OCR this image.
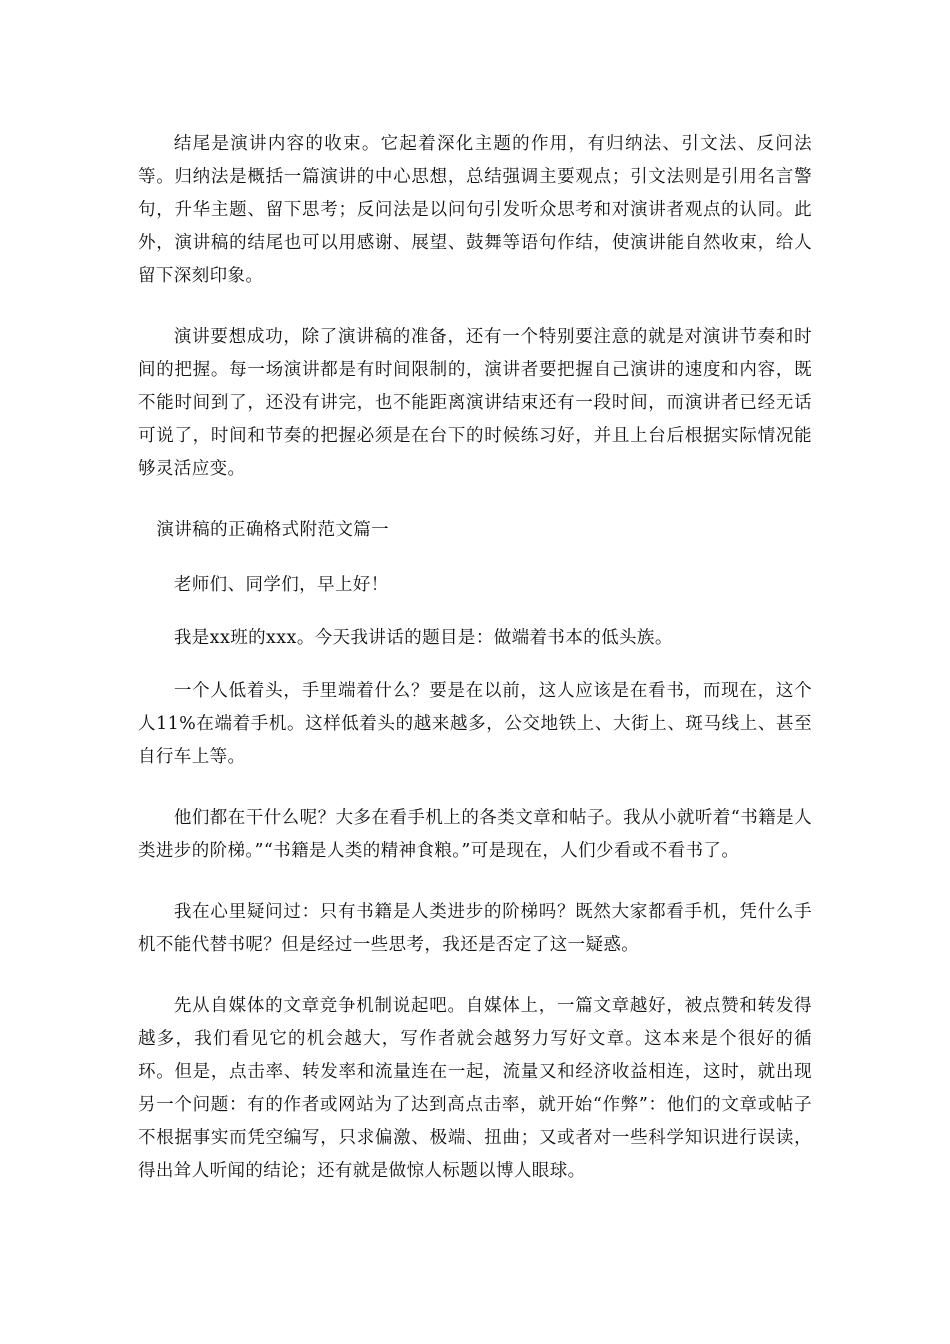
结尾是演讲内容的收束。它起着深化主题的作用，有归纳法、引文法、反问法等。归纳法是概括一篇演讲的中心思想，总结强调主要观点；引文法则是引用名言警句，升华主题、留下思考；反问法是以问句引发听众思考和对演讲者观点的认同。此外，演讲稿的结尾也可以用感谢、展望、鼓舞等语句作结，使演讲能自然收束，给人留下深刻印象。

演讲要想成功，除了演讲稿的准备，还有一个特别要注意的就是对演讲节奏和时间的把握。每一场演讲都是有时间限制的，演讲者要把握自己演讲的速度和内容，既不能时间到了，还没有讲完，也不能距离演讲结束还有一段时间，而演讲者已经无话可说了，时间和节奏的把握必须是在台下的时候练习好，并且上台后根据实际情况能够灵活应变。

演讲稿的正确格式附范文篇一

老师们、同学们，早上好！

我是xx班的xxx。今天我讲话的题目是：做端着书本的低头族。

一个人低着头，手里端着什么？要是在以前，这人应该是在看书，而现在，这个人11%在端着手机。这样低着头的越来越多，公交地铁上、大街上、斑马线上、甚至自行车上等。

他们都在干什么呢？大多在看手机上的各类文章和帖子。我从小就听着“书籍是人类进步的阶梯。”“书籍是人类的精神食粮。”可是现在，人们少看或不看书了。

我在心里疑问过：只有书籍是人类进步的阶梯吗？既然大家都看手机，凭什么手机不能代替书呢？但是经过一些思考，我还是否定了这一疑惑。

先从自媒体的文章竞争机制说起吧。自媒体上，一篇文章越好，被点赞和转发得越多，我们看见它的机会越大，写作者就会越努力写好文章。这本来是个很好的循环。但是，点击率、转发率和流量连在一起，流量又和经济收益相连，这时，就出现另一个问题：有的作者或网站为了达到高点击率，就开始“作弊”：他们的文章或帖子不根据事实而凭空编写，只求偏激、极端、扭曲；又或者对一些科学知识进行误读，得出耸人听闻的结论；还有就是做惊人标题以博人眼球。
